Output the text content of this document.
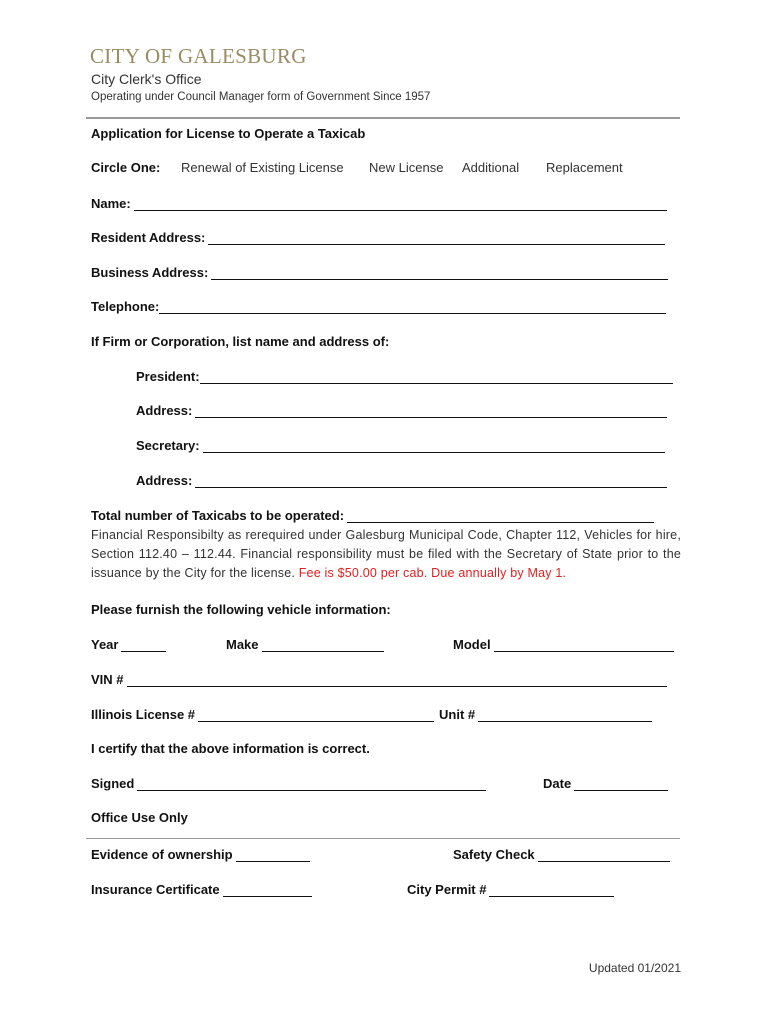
CITY OF GALESBURG
City Clerk's Office
Operating under Council Manager form of Government Since 1957
Application for License to Operate a Taxicab
Circle One: Renewal of Existing License New License Additional Replacement
Name:
Resident Address:
Business Address:
Telephone:
If Firm or Corporation, list name and address of:
President:
Address:
Secretary:
Address:
Total number of Taxicabs to be operated:
Financial Responsibilty as rerequired under Galesburg Municipal Code, Chapter 112, Vehicles for hire, Section 112.40 – 112.44. Financial responsibility must be filed with the Secretary of State prior to the issuance by the City for the license. Fee is $50.00 per cab. Due annually by May 1.
Please furnish the following vehicle information:
Year	Make	Model
VIN #
Illinois License #	Unit #
I certify that the above information is correct.
Signed	Date
Office Use Only
Evidence of ownership	Safety Check
Insurance Certificate	City Permit #
Updated 01/2021
